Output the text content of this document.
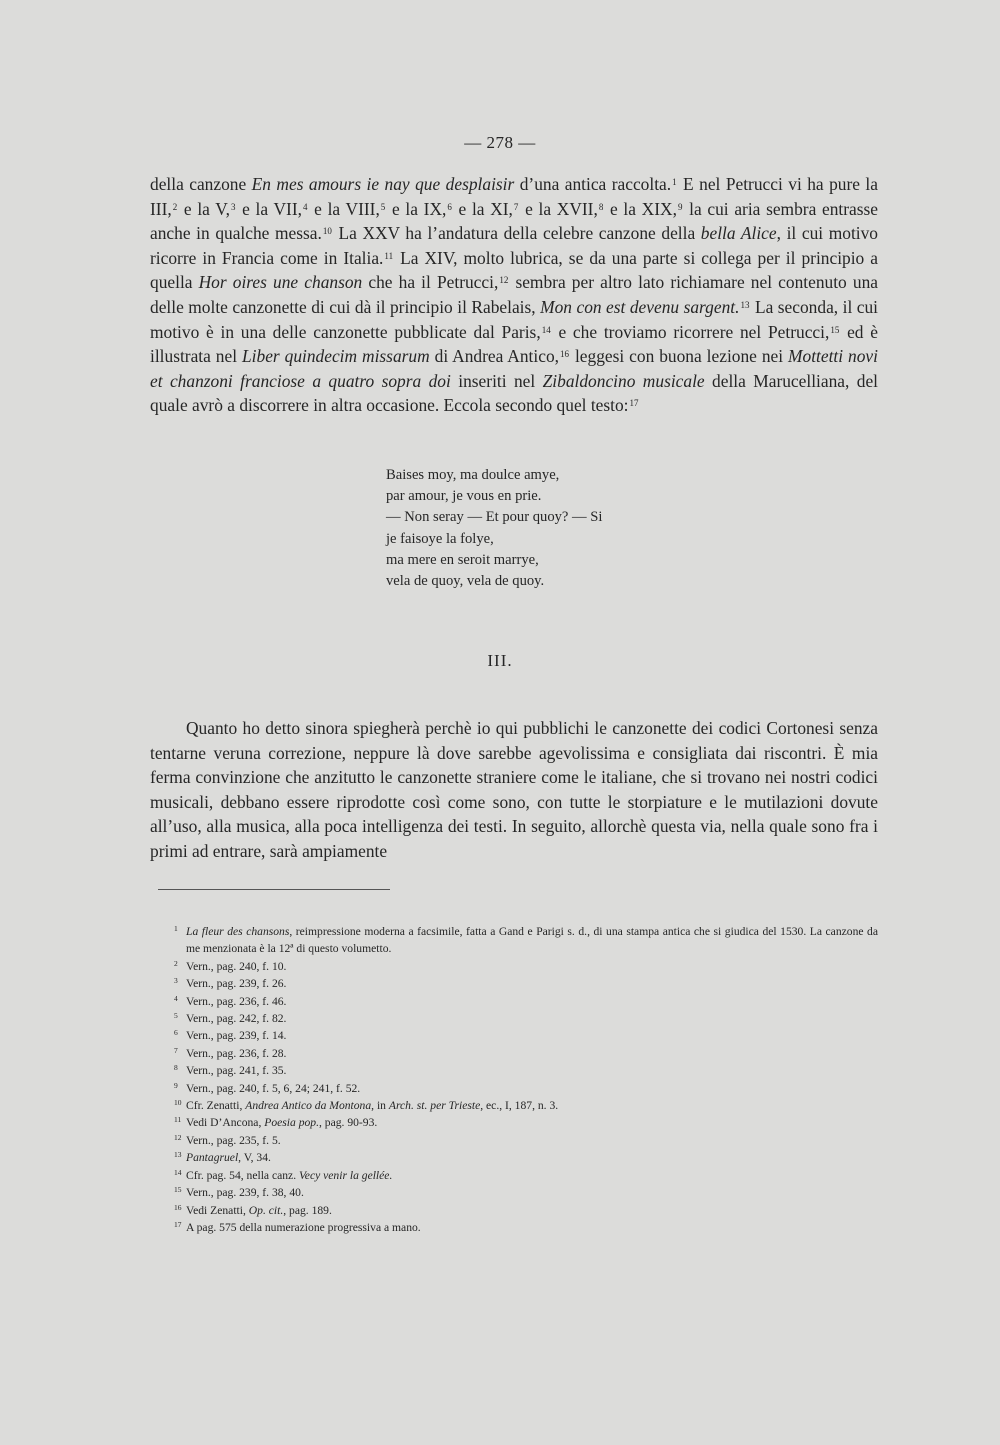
— 278 —

della canzone En mes amours ie nay que desplaisir d’una antica raccolta.$^1$ E nel Petrucci vi ha pure la III,$^2$ e la V,$^3$ e la VII,$^4$ e la VIII,$^5$ e la IX,$^6$ e la XI,$^7$ e la XVII,$^8$ e la XIX,$^9$ la cui aria sembra entrasse anche in qualche messa.$^{10}$ La XXV ha l’andatura della celebre canzone della bella Alice, il cui motivo ricorre in Francia come in Italia.$^{11}$ La XIV, molto lubrica, se da una parte si collega per il principio a quella Hor oires une chanson che ha il Petrucci,$^{12}$ sembra per altro lato richiamare nel contenuto una delle molte canzonette di cui dà il principio il Rabelais, Mon con est devenu sargent.$^{13}$ La seconda, il cui motivo è in una delle canzonette pubblicate dal Paris,$^{14}$ e che troviamo ricorrere nel Petrucci,$^{15}$ ed è illustrata nel Liber quindecim missarum di Andrea Antico,$^{16}$ leggesi con buona lezione nei Mottetti novi et chanzoni franciose a quatro sopra doi inseriti nel Zibaldoncino musicale della Marucelliana, del quale avrò a discorrere in altra occasione. Eccola secondo quel testo:$^{17}$

Baises moy, ma doulce amye,
par amour, je vous en prie.
— Non seray — Et pour quoy? — Si
je faisoye la folye,
ma mere en seroit marrye,
vela de quoy, vela de quoy.
III.

Quanto ho detto sinora spiegherà perchè io qui pubblichi le canzonette dei codici Cortonesi senza tentarne veruna correzione, neppure là dove sarebbe agevolissima e consigliata dai riscontri. È mia ferma convinzione che anzitutto le canzonette straniere come le italiane, che si trovano nei nostri codici musicali, debbano essere riprodotte così come sono, con tutte le storpiature e le mutilazioni dovute all’uso, alla musica, alla poca intelligenza dei testi. In seguito, allorchè questa via, nella quale sono fra i primi ad entrare, sarà ampiamente

1 La fleur des chansons, reimpressione moderna a facsimile, fatta a Gand e Parigi s. d., di una stampa antica che si giudica del 1530. La canzone da me menzionata è la 12ª di questo volumetto.
2 Vern., pag. 240, f. 10.
3 Vern., pag. 239, f. 26.
4 Vern., pag. 236, f. 46.
5 Vern., pag. 242, f. 82.
6 Vern., pag. 239, f. 14.
7 Vern., pag. 236, f. 28.
8 Vern., pag. 241, f. 35.
9 Vern., pag. 240, f. 5, 6, 24; 241, f. 52.
10 Cfr. Zenatti, Andrea Antico da Montona, in Arch. st. per Trieste, ec., I, 187, n. 3.
11 Vedi D’Ancona, Poesia pop., pag. 90-93.
12 Vern., pag. 235, f. 5.
13 Pantagruel, V, 34.
14 Cfr. pag. 54, nella canz. Vecy venir la gellée.
15 Vern., pag. 239, f. 38, 40.
16 Vedi Zenatti, Op. cit., pag. 189.
17 A pag. 575 della numerazione progressiva a mano.
